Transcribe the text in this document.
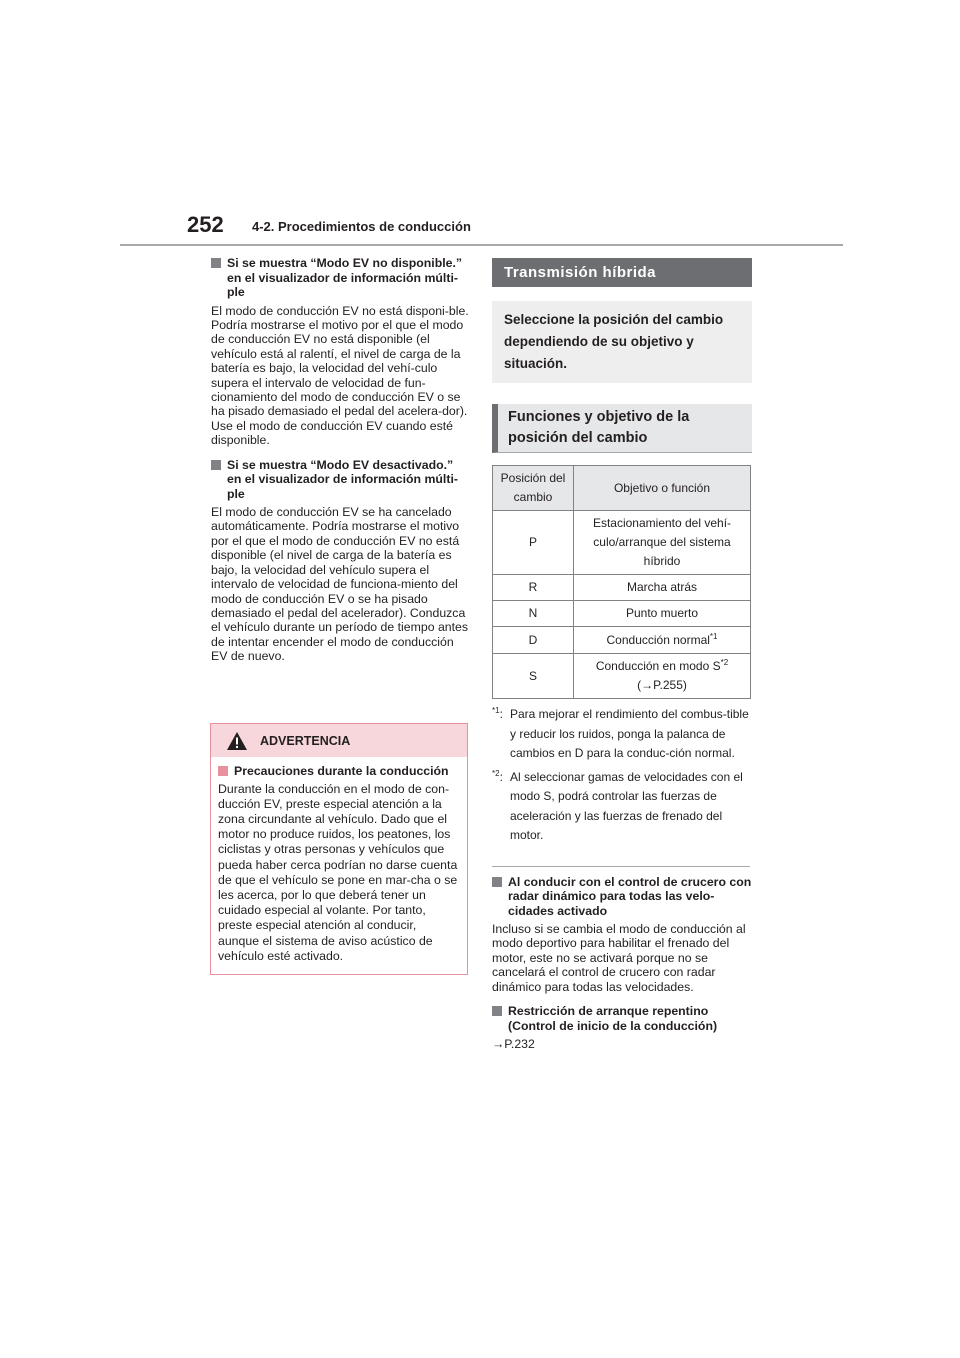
252 4-2. Procedimientos de conducción
Si se muestra “Modo EV no disponible.” en el visualizador de información múlti-ple

El modo de conducción EV no está disponi-ble. Podría mostrarse el motivo por el que el modo de conducción EV no está disponible (el vehículo está al ralentí, el nivel de carga de la batería es bajo, la velocidad del vehí-culo supera el intervalo de velocidad de fun-cionamiento del modo de conducción EV o se ha pisado demasiado el pedal del acelera-dor). Use el modo de conducción EV cuando esté disponible.

Si se muestra “Modo EV desactivado.” en el visualizador de información múlti-ple

El modo de conducción EV se ha cancelado automáticamente. Podría mostrarse el motivo por el que el modo de conducción EV no está disponible (el nivel de carga de la batería es bajo, la velocidad del vehículo supera el intervalo de velocidad de funciona-miento del modo de conducción EV o se ha pisado demasiado el pedal del acelerador). Conduzca el vehículo durante un período de tiempo antes de intentar encender el modo de conducción EV de nuevo.

ADVERTENCIA
Precauciones durante la conducción

Durante la conducción en el modo de con-ducción EV, preste especial atención a la zona circundante al vehículo. Dado que el motor no produce ruidos, los peatones, los ciclistas y otras personas y vehículos que pueda haber cerca podrían no darse cuenta de que el vehículo se pone en mar-cha o se les acerca, por lo que deberá tener un cuidado especial al volante. Por tanto, preste especial atención al conducir, aunque el sistema de aviso acústico de vehículo esté activado.

Transmisión híbrida
Seleccione la posición del cambio dependiendo de su objetivo y situación.
Funciones y objetivo de la posición del cambio
Posición del cambio	Objetivo o función
P	Estacionamiento del vehí-culo/arranque del sistema híbrido
R	Marcha atrás
N	Punto muerto
D	Conducción normal$^{*1}$
S	Conducción en modo $S^{*2}$
(→P.255)
$^{*1}$: Para mejorar el rendimiento del combus-tible y reducir los ruidos, ponga la palanca de cambios en D para la conduc-ción normal.
$^{*2}$: Al seleccionar gamas de velocidades con el modo S, podrá controlar las fuerzas de aceleración y las fuerzas de frenado del motor.
Al conducir con el control de crucero con radar dinámico para todas las velo-cidades activado

Incluso si se cambia el modo de conducción al modo deportivo para habilitar el frenado del motor, este no se activará porque no se cancelará el control de crucero con radar dinámico para todas las velocidades.

Restricción de arranque repentino (Control de inicio de la conducción)

→P.232
